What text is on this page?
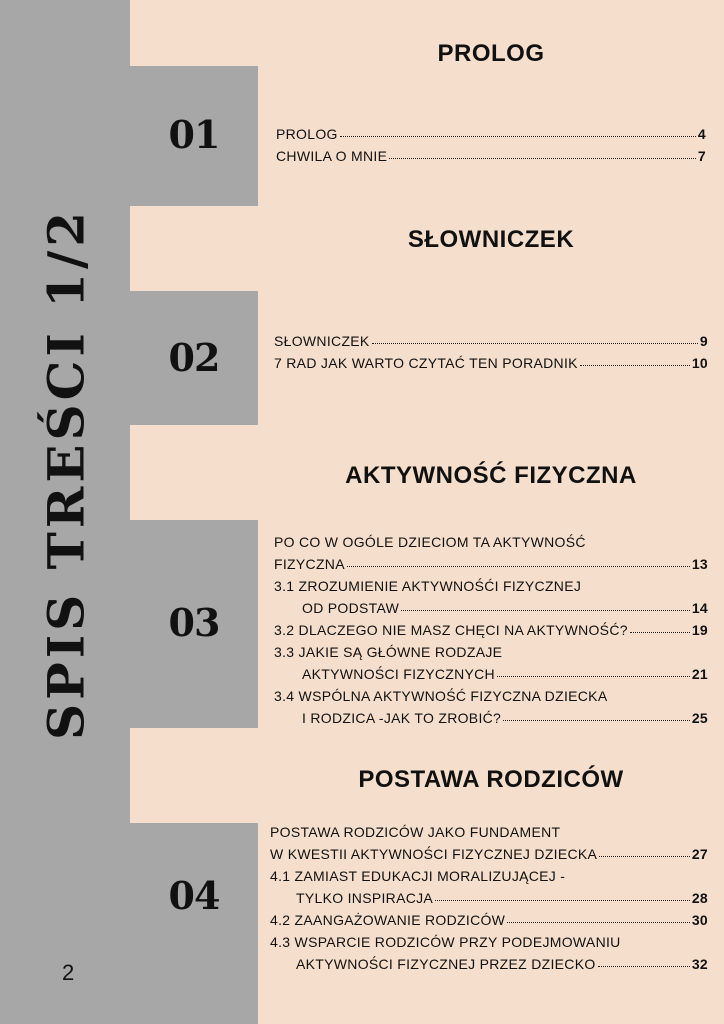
01
02
03
04
SPIS TREŚCI 1/2
2
PROLOG
PROLOG	4
CHWILA O MNIE	7
SŁOWNICZEK
SŁOWNICZEK	9
7 RAD JAK WARTO CZYTAĆ TEN PORADNIK	10
AKTYWNOŚĆ FIZYCZNA
PO CO W OGÓLE DZIECIOM TA AKTYWNOŚĆ
FIZYCZNA	13
3.1 ZROZUMIENIE AKTYWNOŚĆI FIZYCZNEJ
OD PODSTAW	14
3.2 DLACZEGO NIE MASZ CHĘCI NA AKTYWNOŚĆ?	19
3.3 JAKIE SĄ GŁÓWNE RODZAJE
AKTYWNOŚCI FIZYCZNYCH	21
3.4 WSPÓLNA AKTYWNOŚĆ FIZYCZNA DZIECKA
I RODZICA -JAK TO ZROBIĆ?	25
POSTAWA RODZICÓW
POSTAWA RODZICÓW JAKO FUNDAMENT
W KWESTII AKTYWNOŚCI FIZYCZNEJ DZIECKA	27
4.1 ZAMIAST EDUKACJI MORALIZUJĄCEJ -
TYLKO INSPIRACJA	28
4.2 ZAANGAŻOWANIE RODZICÓW	30
4.3 WSPARCIE RODZICÓW PRZY PODEJMOWANIU
AKTYWNOŚCI FIZYCZNEJ PRZEZ DZIECKO	32
